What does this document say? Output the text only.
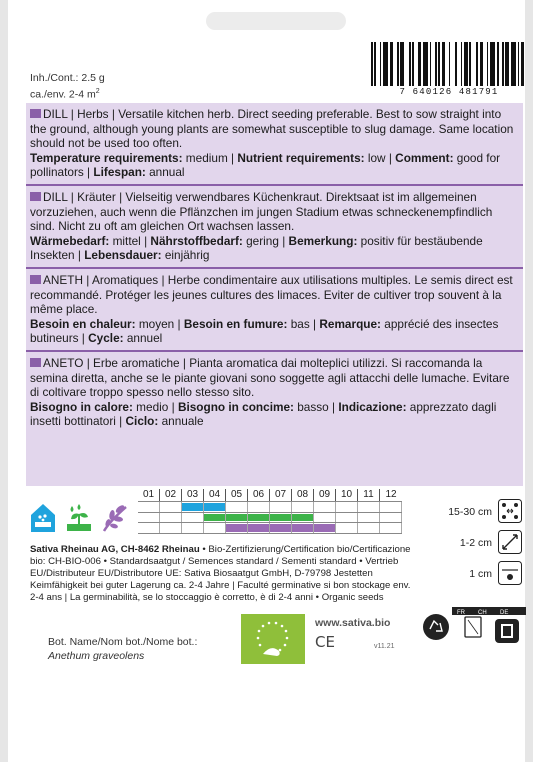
Inh./Cont.: 2.5 g
ca./env. 2-4 $m^2$	7 640126 481791
DILL | Herbs | Versatile kitchen herb. Direct seeding preferable. Best to sow straight into the ground, although young plants are somewhat susceptible to slug damage. Same location should not be used too often.
Temperature requirements: medium | Nutrient requirements: low | Comment: good for pollinators | Lifespan: annual
DILL | Kräuter | Vielseitig verwendbares Küchenkraut. Direktsaat ist im allgemeinen vorzuziehen, auch wenn die Pflänzchen im jungen Stadium etwas schneckenempfindlich sind. Nicht zu oft am gleichen Ort wachsen lassen.
Wärmebedarf: mittel | Nährstoffbedarf: gering | Bemerkung: positiv für bestäubende Insekten | Lebensdauer: einjährig
ANETH | Aromatiques | Herbe condimentaire aux utilisations multiples. Le semis direct est recommandé. Protéger les jeunes cultures des limaces. Eviter de cultiver trop souvent à la même place.
Besoin en chaleur: moyen | Besoin en fumure: bas | Remarque: apprécié des insectes butineurs | Cycle: annuel
ANETO | Erbe aromatiche | Pianta aromatica dai molteplici utilizzi. Si raccomanda la semina diretta, anche se le piante giovani sono soggette agli attacchi delle lumache. Evitare di coltivare troppo spesso nello stesso sito.
Bisogno in calore: medio | Bisogno in concime: basso | Indicazione: apprezzato dagli insetti bottinatori | Ciclo: annuale
01	02	03	04	05	06	07	08	09	10	11	12
Sativa Rheinau AG, CH-8462 Rheinau • Bio-Zertifizierung/Certification bio/Certificazione bio: CH-BIO-006 • Standardsaatgut / Semences standard / Sementi standard • Vertrieb EU/Distributeur EU/Distributore UE: Sativa Biosaatgut GmbH, D-79798 Jestetten Keimfähigkeit bei guter Lagerung ca. 2-4 Jahre | Faculté germinative si bon stockage env. 2-4 ans | La germinabilità, se lo stoccaggio è corretto, è di 2-4 anni • Organic seeds
15-30 cm
1-2 cm
1 cm
FR CH DE
Bot. Name/Nom bot./Nome bot.:
Anethum graveolens
www.sativa.bio
CE	v11.21
